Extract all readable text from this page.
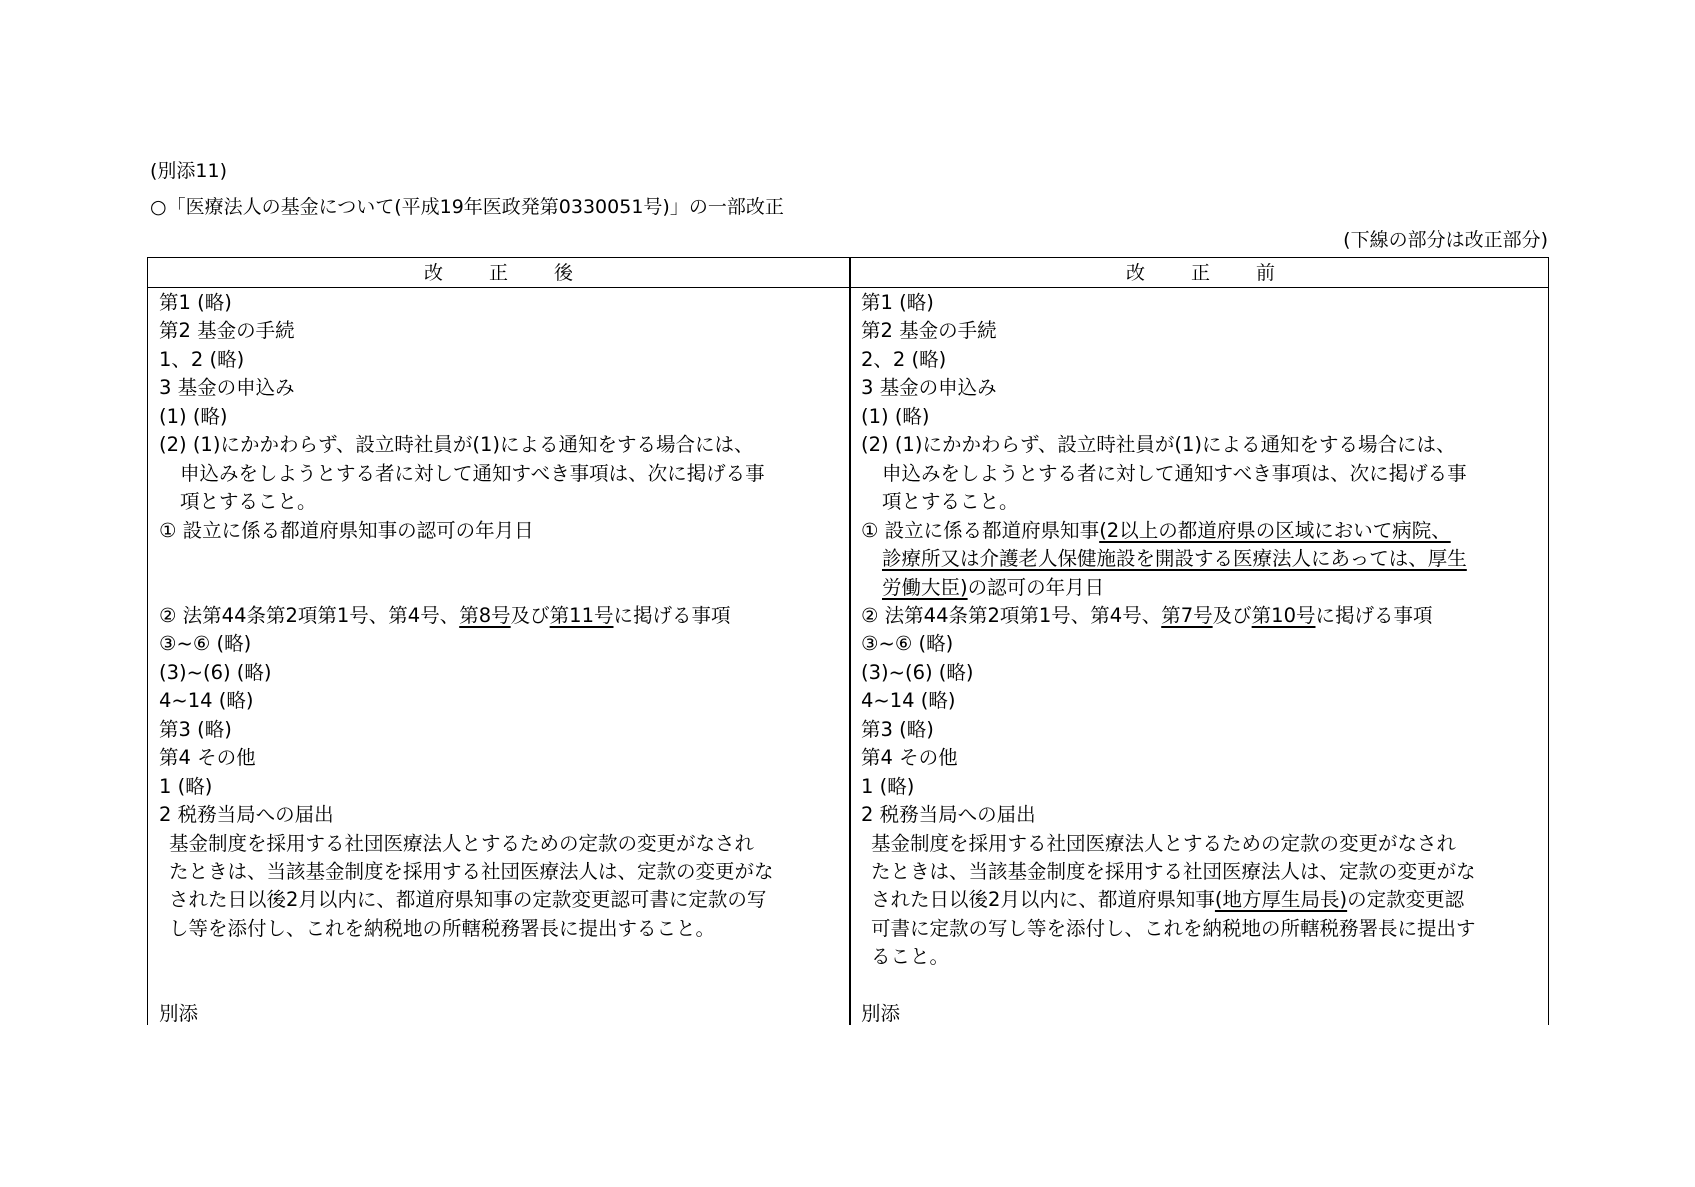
(別添11)
○「医療法人の基金について(平成19年医政発第0330051号)」の一部改正
(下線の部分は改正部分)
改正後	改正前
第1 (略)
第2 基金の手続
1、2 (略)
3 基金の申込み
(1) (略)
(2) (1)にかかわらず、設立時社員が(1)による通知をする場合には、
申込みをしようとする者に対して通知すべき事項は、次に掲げる事
項とすること。
① 設立に係る都道府県知事の認可の年月日
② 法第44条第2項第1号、第4号、第8号及び第11号に掲げる事項
③~⑥ (略)
(3)~(6) (略)
4~14 (略)
第3 (略)
第4 その他
1 (略)
2 税務当局への届出
基金制度を採用する社団医療法人とするための定款の変更がなされ
たときは、当該基金制度を採用する社団医療法人は、定款の変更がな
された日以後2月以内に、都道府県知事の定款変更認可書に定款の写
し等を添付し、これを納税地の所轄税務署長に提出すること。
別添
第1 (略)
第2 基金の手続
2、2 (略)
3 基金の申込み
(1) (略)
(2) (1)にかかわらず、設立時社員が(1)による通知をする場合には、
申込みをしようとする者に対して通知すべき事項は、次に掲げる事
項とすること。
① 設立に係る都道府県知事(2以上の都道府県の区域において病院、
診療所又は介護老人保健施設を開設する医療法人にあっては、厚生
労働大臣)の認可の年月日
② 法第44条第2項第1号、第4号、第7号及び第10号に掲げる事項
③~⑥ (略)
(3)~(6) (略)
4~14 (略)
第3 (略)
第4 その他
1 (略)
2 税務当局への届出
基金制度を採用する社団医療法人とするための定款の変更がなされ
たときは、当該基金制度を採用する社団医療法人は、定款の変更がな
された日以後2月以内に、都道府県知事(地方厚生局長)の定款変更認
可書に定款の写し等を添付し、これを納税地の所轄税務署長に提出す
ること。
別添
